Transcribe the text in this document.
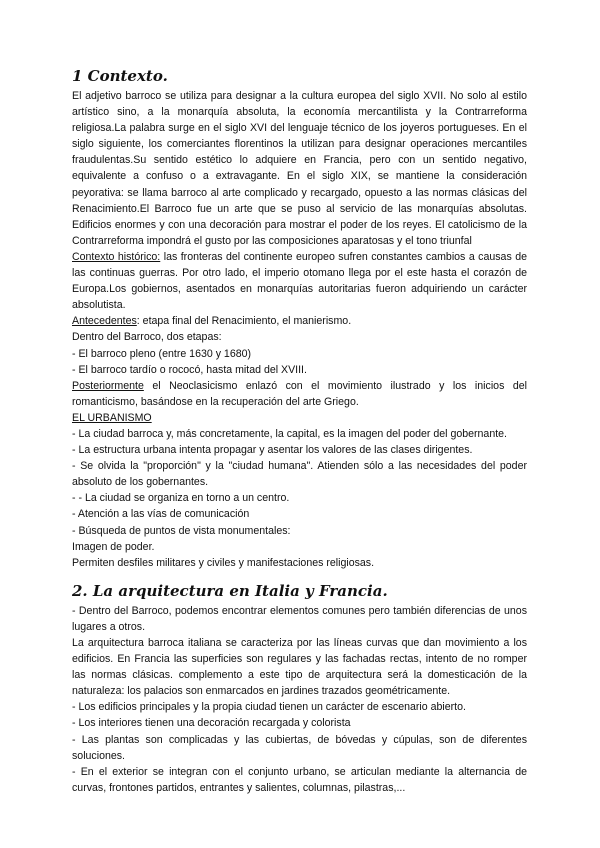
1 Contexto.

El adjetivo barroco se utiliza para designar a la cultura europea del siglo XVII. No solo al estilo artístico sino, a la monarquía absoluta, la economía mercantilista y la Contrarreforma religiosa.La palabra surge en el siglo XVI del lenguaje técnico de los joyeros portugueses. En el siglo siguiente, los comerciantes florentinos la utilizan para designar operaciones mercantiles fraudulentas.Su sentido estético lo adquiere en Francia, pero con un sentido negativo, equivalente a confuso o a extravagante. En el siglo XIX, se mantiene la consideración peyorativa: se llama barroco al arte complicado y recargado, opuesto a las normas clásicas del Renacimiento.El Barroco fue un arte que se puso al servicio de las monarquías absolutas. Edificios enormes y con una decoración para mostrar el poder de los reyes. El catolicismo de la Contrarreforma impondrá el gusto por las composiciones aparatosas y el tono triunfal

Contexto histórico: las fronteras del continente europeo sufren constantes cambios a causas de las continuas guerras. Por otro lado, el imperio otomano llega por el este hasta el corazón de Europa.Los gobiernos, asentados en monarquías autoritarias fueron adquiriendo un carácter absolutista.

Antecedentes: etapa final del Renacimiento, el manierismo.

Dentro del Barroco, dos etapas:

- El barroco pleno (entre 1630 y 1680)

- El barroco tardío o rococó, hasta mitad del XVIII.

Posteriormente el Neoclasicismo enlazó con el movimiento ilustrado y los inicios del romanticismo, basándose en la recuperación del arte Griego.

EL URBANISMO

- La ciudad barroca y, más concretamente, la capital, es la imagen del poder del gobernante.

- La estructura urbana intenta propagar y asentar los valores de las clases dirigentes.

- Se olvida la "proporción" y la "ciudad humana". Atienden sólo a las necesidades del poder absoluto de los gobernantes.

- - La ciudad se organiza en torno a un centro.

- Atención a las vías de comunicación

- Búsqueda de puntos de vista monumentales:

Imagen de poder.

Permiten desfiles militares y civiles y manifestaciones religiosas.

2. La arquitectura en Italia y Francia.

- Dentro del Barroco, podemos encontrar elementos comunes pero también diferencias de unos lugares a otros.

La arquitectura barroca italiana se caracteriza por las líneas curvas que dan movimiento a los edificios. En Francia las superficies son regulares y las fachadas rectas, intento de no romper las normas clásicas. complemento a este tipo de arquitectura será la domesticación de la naturaleza: los palacios son enmarcados en jardines trazados geométricamente.

- Los edificios principales y la propia ciudad tienen un carácter de escenario abierto.

- Los interiores tienen una decoración recargada y colorista

- Las plantas son complicadas y las cubiertas, de bóvedas y cúpulas, son de diferentes soluciones.

- En el exterior se integran con el conjunto urbano, se articulan mediante la alternancia de curvas, frontones partidos, entrantes y salientes, columnas, pilastras,...
